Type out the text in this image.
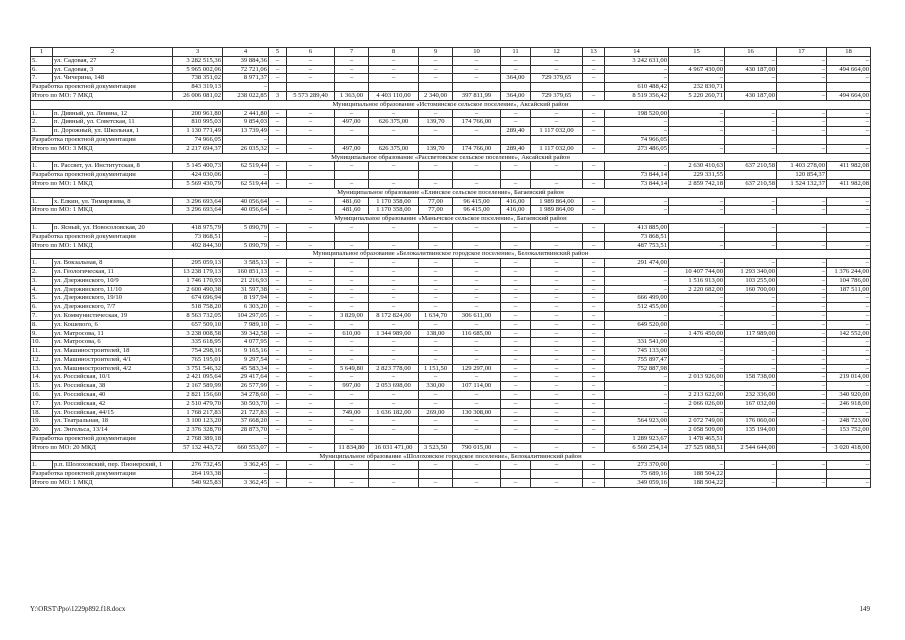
1	2	3	4	5	6	7	8	9	10	11	12	13	14	15	16	17	18
5.	ул. Садовая, 27	3 282 515,36	39 884,36	–	–	–	–	–	–	–	–	–	3 242 631,00	–	–	–	–
6.	ул. Садовая, 3	5 965 002,06	72 721,06	–	–	–	–	–	–	–	–	–	–	4 967 430,00	430 187,00	–	494 664,00
7.	ул. Чичерина, 148	738 351,02	8 971,37	–	–	–	–	–	–	364,00	729 379,65	–	–	–	–	–	–
Разработка проектной документации		843 319,13	–										610 488,42	232 830,71			
Итого по МО: 7 МКД		26 006 081,02	238 022,85	3	5 573 289,40	1 363,00	4 403 110,00	2 340,00	397 811,99	364,00	729 379,65	–	8 519 356,42	5 220 260,71	430 187,00	–	494 664,00
Муниципальное образование «Истоминское сельское поселение», Аксайский район																	
1.	п. Дивный, ул. Ленина, 12	200 961,80	2 441,80	–	–	–	–	–	–	–	–	–	198 520,00	–	–	–	–
2.	п. Дивный, ул. Советская, 11	810 995,03	9 854,03	–	–	497,00	626 375,00	139,70	174 766,00	–	–	–	–	–	–	–	–
3.	п. Дорожный, ул. Школьная, 1	1 130 771,49	13 739,49	–	–	–	–	–	–	289,40	1 117 032,00	–	–	–	–	–	–
Разработка проектной документации		74 966,05	–										74 966,05				
Итого по МО: 3 МКД		2 217 694,37	26 035,32	–	–	497,00	626 375,00	139,70	174 766,00	289,40	1 117 032,00	–	273 486,05	–	–	–	–
Муниципальное образование «Рассветовское сельское поселение», Аксайский район																	
1.	п. Рассвет, ул. Институтская, 8	5 145 400,73	62 519,44	–	–	–	–	–	–	–	–	–	–	2 630 410,63	637 210,58	1 403 278,00	411 982,08
Разработка проектной документации		424 030,06	–										73 844,14	229 331,55		120 854,37	
Итого по МО: 1 МКД		5 569 430,79	62 519,44	–	–	–	–	–	–	–	–	–	73 844,14	2 859 742,18	637 210,58	1 524 132,37	411 982,08
Муниципальное образование «Елинское сельское поселение», Багаевский район																	
1.	х. Елкин, ул. Тимирязева, 8	3 296 693,64	40 056,64	–	–	481,60	1 170 358,00	77,00	96 415,00	416,00	1 989 864,00	–	–	–	–	–	–
Итого по МО: 1 МКД		3 296 693,64	40 056,64	–	–	481,60	1 170 358,00	77,00	96 415,00	416,00	1 989 864,00	–	–	–	–	–	–
Муниципальное образование «Манычское сельское поселение», Багаевский район																	
1.	п. Ясный, ул. Новосоловская, 20	418 975,79	5 090,79	–	–	–	–	–	–	–	–	–	413 885,00	–	–	–	–
Разработка проектной документации		73 868,51	–										73 868,51				
Итого по МО: 1 МКД		492 844,30	5 090,79	–	–	–	–	–	–	–	–	–	487 753,51	–	–	–	–
Муниципальное образование «Белокалитвинское городское поселение», Белокалитвинский район																	
1.	ул. Вокзальная, 8	295 059,13	3 585,13	–	–	–	–	–	–	–	–	–	291 474,00	–	–	–	–
2.	ул. Геологическая, 11	13 238 179,13	160 851,13	–	–	–	–	–	–	–	–	–	–	10 407 744,00	1 293 340,00	–	1 376 244,00
3.	ул. Дзержинского, 10/9	1 746 170,93	21 216,93	–	–	–	–	–	–	–	–	–	–	1 516 913,00	103 255,00	–	104 786,00
4.	ул. Дзержинского, 11/10	2 600 490,38	31 597,38	–	–	–	–	–	–	–	–	–	–	2 220 682,00	160 700,00	–	187 511,00
5.	ул. Дзержинского, 19/10	674 696,94	8 197,94	–	–	–	–	–	–	–	–	–	666 499,00	–	–	–	–
6.	ул. Дзержинского, 7/7	518 758,20	6 303,20	–	–	–	–	–	–	–	–	–	512 455,00	–	–	–	–
7.	ул. Коммунистическая, 19	8 563 732,05	104 297,05	–	–	3 829,00	8 172 824,00	1 634,70	306 611,00	–	–	–	–	–	–	–	–
8.	ул. Кошевого, 6	657 509,10	7 989,10	–	–	–	–	–	–	–	–	–	649 520,00	–	–	–	–
9.	ул. Матросова, 11	3 238 008,58	39 342,58	–	–	610,00	1 344 989,00	138,00	116 685,00	–	–	–	–	1 476 450,00	117 989,00	–	142 552,00
10.	ул. Матросова, 6	335 618,95	4 077,95	–	–	–	–	–	–	–	–	–	331 541,00	–	–	–	–
11.	ул. Машиностроителей, 18	754 298,16	9 165,16	–	–	–	–	–	–	–	–	–	745 133,00	–	–	–	–
12.	ул. Машиностроителей, 4/1	765 195,01	9 297,54	–	–	–	–	–	–	–	–	–	755 897,47	–	–	–	–
13.	ул. Машиностроителей, 4/2	3 751 546,32	45 583,34	–	–	5 649,80	2 823 778,00	1 151,50	129 297,00	–	–	–	752 887,98	–	–	–	–
14.	ул. Российская, 10/1	2 421 095,64	29 417,64	–	–	–	–	–	–	–	–	–	–	2 013 926,00	158 738,00	–	219 014,00
15.	ул. Российская, 38	2 167 589,99	26 577,99	–	–	997,00	2 053 698,00	330,00	107 114,00	–	–	–	–	–	–	–	–
16.	ул. Российская, 40	2 821 156,60	34 278,60	–	–	–	–	–	–	–	–	–	–	2 213 622,00	232 336,00	–	340 920,00
17.	ул. Российская, 42	2 510 479,70	30 503,70	–	–	–	–	–	–	–	–	–	–	2 066 026,00	167 032,00	–	246 918,00
18.	ул. Российская, 44/15	1 768 217,83	21 727,83	–	–	749,00	1 636 182,00	269,00	130 308,00	–	–	–	–	–	–	–	–
19.	ул. Театральная, 18	3 100 123,20	37 668,20	–	–	–	–	–	–	–	–	–	564 923,00	2 072 749,00	176 060,00	–	248 723,00
20.	ул. Энгельса, 13/14	2 376 328,70	28 873,70	–	–	–	–	–	–	–	–	–	–	2 058 509,00	135 194,00	–	153 752,00
Разработка проектной документации		2 768 389,18	–										1 289 923,67	1 478 465,51			
Итого по МО: 20 МКД		57 132 443,72	660 553,07	–	–	11 834,80	16 031 471,00	3 523,50	790 015,00	–	–	–	6 560 254,14	27 525 088,51	2 544 644,00	–	3 020 418,00
Муниципальное образование «Шолоховское городское поселение», Белокалитвинский район																	
1.	р.п. Шолоховский, пер. Пионерский, 1	276 732,45	3 362,45	–	–	–	–	–	–	–	–	–	273 370,00	–	–	–	–
Разработка проектной документации		264 193,38	–										75 689,16	188 504,22			
Итого по МО: 1 МКД		540 925,83	3 362,45	–	–	–	–	–	–	–	–	–	349 059,16	188 504,22	–	–	–
Y:\ORST\Ppo\1229p892.f18.docx	149
